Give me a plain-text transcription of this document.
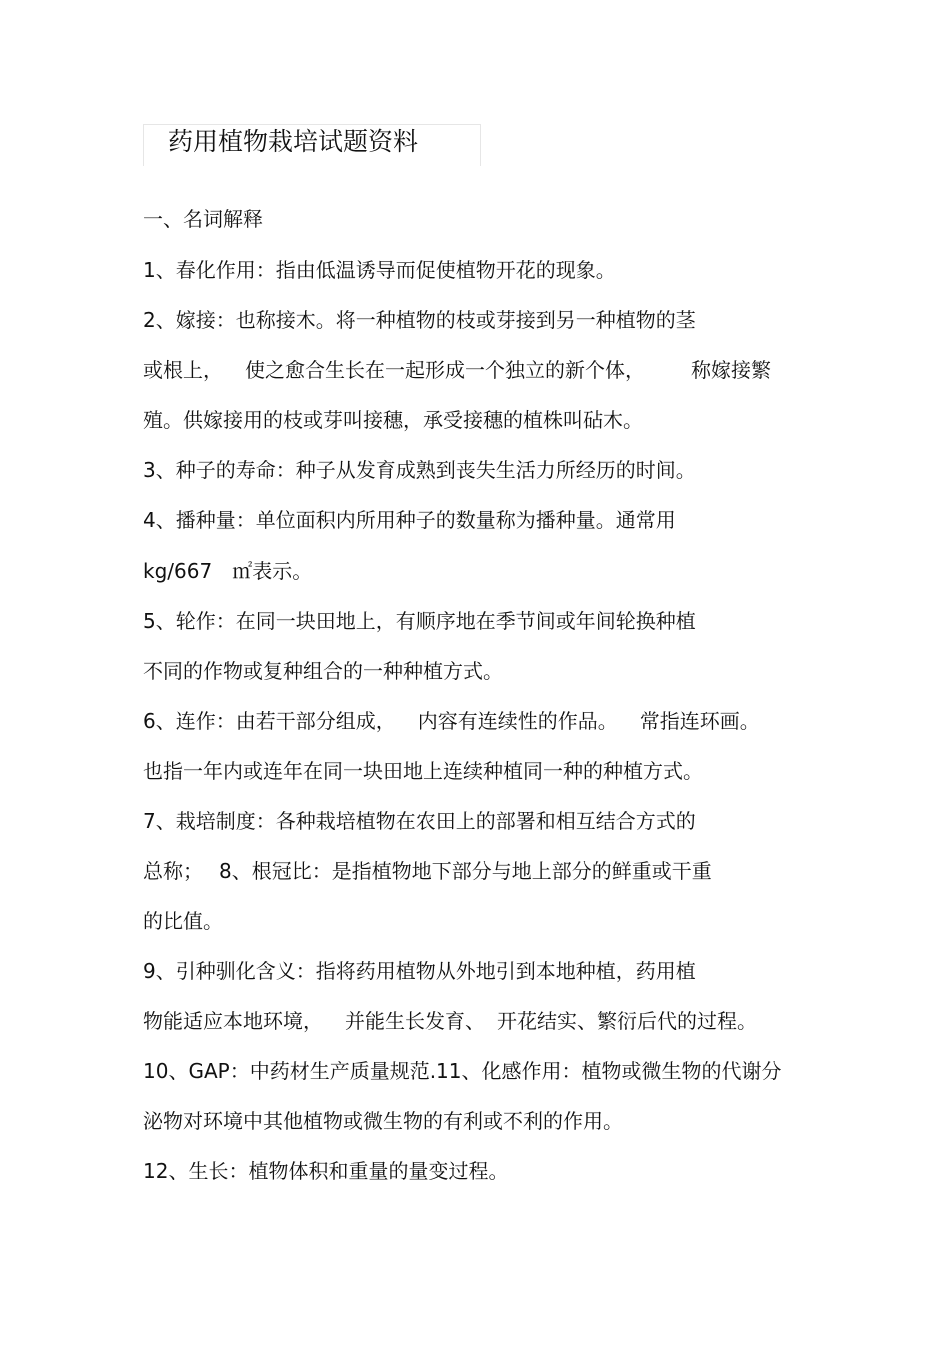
药用植物栽培试题资料
一、名词解释
1、春化作用：指由低温诱导而促使植物开花的现象。
2、嫁接：也称接木。将一种植物的枝或芽接到另一种植物的茎
或根上， 使之愈合生长在一起形成一个独立的新个体， 称嫁接繁
殖。供嫁接用的枝或芽叫接穗，承受接穗的植株叫砧木。
3、种子的寿命：种子从发育成熟到丧失生活力所经历的时间。
4、播种量：单位面积内所用种子的数量称为播种量。通常用
kg/667 ㎡表示。
5、轮作：在同一块田地上，有顺序地在季节间或年间轮换种植
不同的作物或复种组合的一种种植方式。
6、连作：由若干部分组成， 内容有连续性的作品。 常指连环画。
也指一年内或连年在同一块田地上连续种植同一种的种植方式。
7、栽培制度：各种栽培植物在农田上的部署和相互结合方式的
总称； 8、根冠比：是指植物地下部分与地上部分的鲜重或干重
的比值。
9、引种驯化含义：指将药用植物从外地引到本地种植，药用植
物能适应本地环境， 并能生长发育、 开花结实、繁衍后代的过程。
10、GAP：中药材生产质量规范.11、化感作用：植物或微生物的代谢分
泌物对环境中其他植物或微生物的有利或不利的作用。
12、生长：植物体积和重量的量变过程。
